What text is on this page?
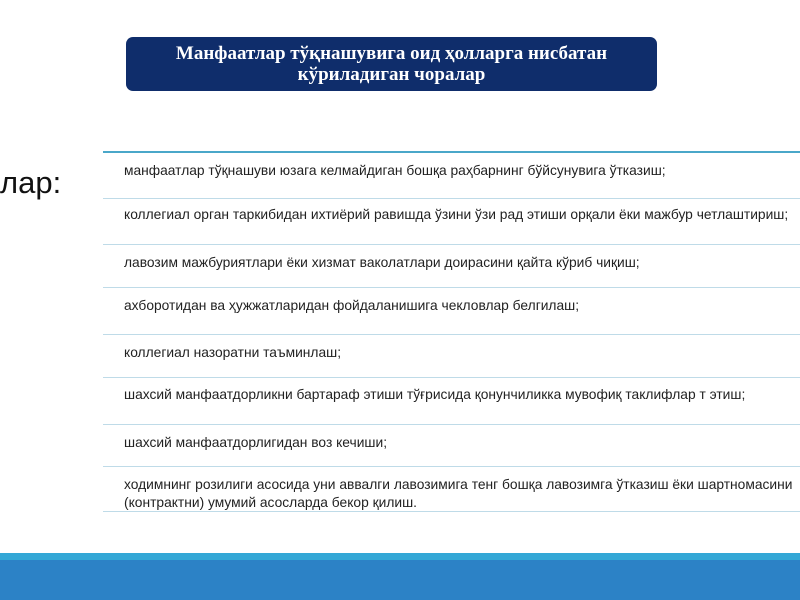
Манфаатлар тўқнашувига оид ҳолларга нисбатан кўриладиган чоралар
лар:	манфаатлар тўқнашуви юзага келмайдиган бошқа раҳбарнинг бўйсунувига ўтказиш;
коллегиал орган таркибидан ихтиёрий равишда ўзини ўзи рад этиши орқали ёки мажбур четлаштириш;
лавозим мажбуриятлари ёки хизмат ваколатлари доирасини қайта кўриб чиқиш;
ахборотидан ва ҳужжатларидан фойдаланишига чекловлар белгилаш;
коллегиал назоратни таъминлаш;
шахсий манфаатдорликни бартараф этиши тўғрисида қонунчиликка мувофиқ таклифлар т этиш;
шахсий манфаатдорлигидан воз кечиши;
ходимнинг розилиги асосида уни аввалги лавозимига тенг бошқа лавозимга ўтказиш ёки шартномасини (контрактни) умумий асосларда бекор қилиш.
